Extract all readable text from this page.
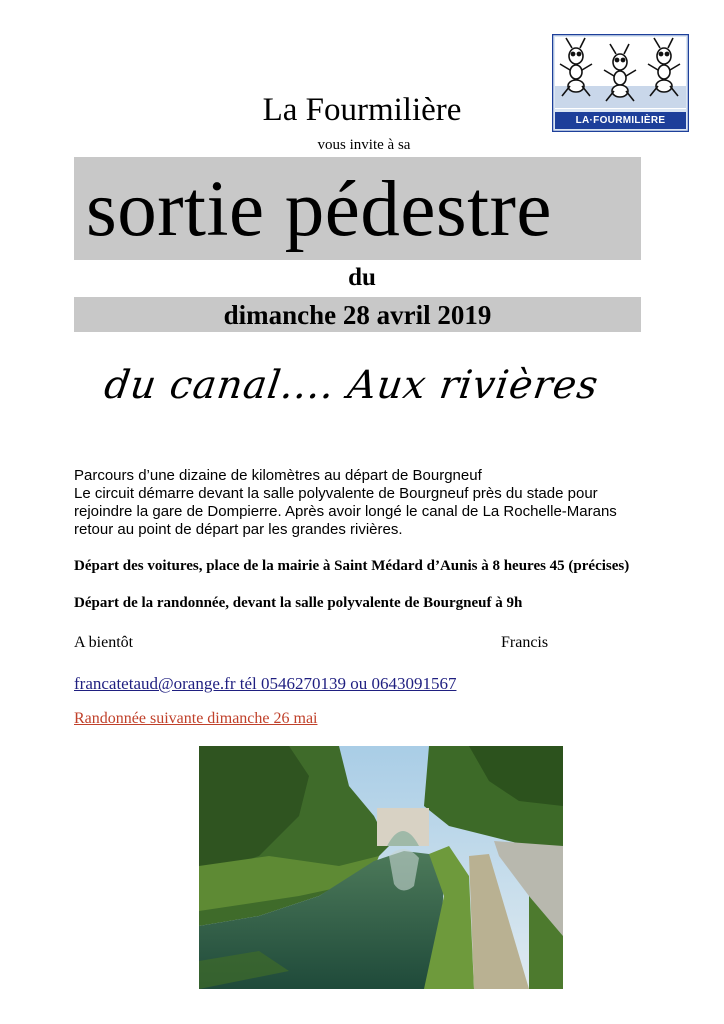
LA·FOURMILIÈRE
La Fourmilière
vous invite à sa
sortie pédestre
du
dimanche 28 avril 2019
du canal.... Aux rivières

Parcours d’une dizaine de kilomètres au départ de Bourgneuf

Le circuit démarre devant la salle polyvalente de Bourgneuf près du stade pour rejoindre la gare de Dompierre. Après avoir longé le canal de La Rochelle-Marans retour au point de départ par les grandes rivières.

Départ des voitures, place de la mairie à Saint Médard d’Aunis à 8 heures 45 (précises)
Départ de la randonnée, devant la salle polyvalente de Bourgneuf à 9h
A bientôt	Francis
francatetaud@orange.fr tél 0546270139 ou 0643091567
Randonnée suivante dimanche 26 mai
